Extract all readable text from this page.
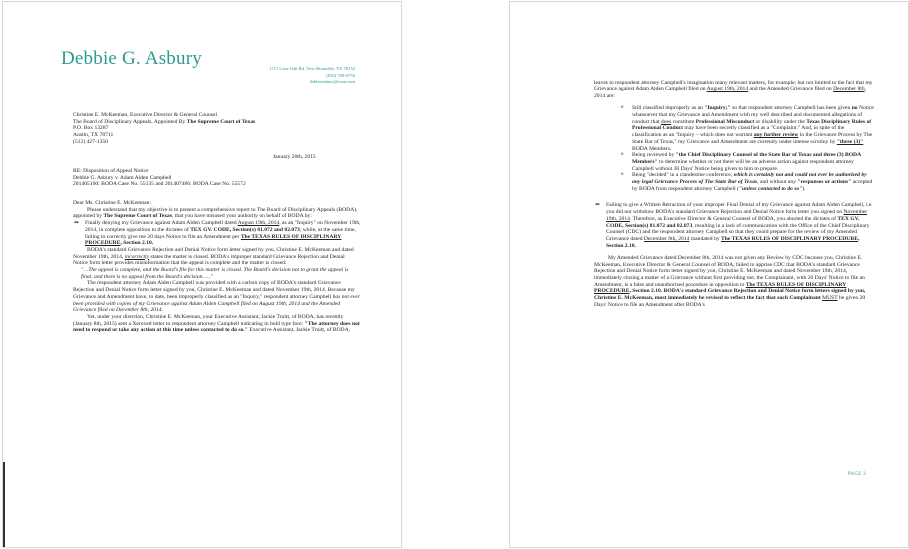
Debbie G. Asbury	1711 Lone Oak Rd. New Braunfels, TX 78132
(830) 708-0756
debbieasbury@msn.com
Christine E. McKeeman, Executive Director & General Counsel
The Board of Disciplinary Appeals, Appointed By The Supreme Court of Texas
P.O. Box 13287
Austin, TX 78711
(512) 427-1350
January 20th, 2015
RE: Disposition of Appeal Notice
Debbie G. Asbury v. Adam Alden Campbell
201405100; BODA Case No. 55135 and 201407486: BODA Case No. 55572

Dear Ms. Christine E. McKeeman:

Please understand that my objective is to present a comprehensive report to The Board of Disciplinary Appeals (BODA), appointed by The Supreme Court of Texas, that you have misused your authority on behalf of BODA by:

➦ Finally denying my Grievance against Adam Alden Campbell dated August 19th, 2014, as an "Inquiry" on November 19th, 2014, in complete opposition to the dictates of TEX GV. CODE, Section(s) 81.072 and 82.073; while, at the same time, failing to correctly give me 20 days Notice to file an Amendment per The TEXAS RULES OF DISCIPLINARY PROCEDURE, Section 2.10.

BODA's standard Grievance Rejection and Denial Notice form letter signed by you, Christine E. McKeeman and dated November 19th, 2014, incorrectly states the matter is closed. BODA's improper standard Grievance Rejection and Denial Notice form letter provides misinformation that the appeal is complete and the matter is closed:

"…The appeal is complete, and the Board's file for this matter is closed. The Board's decision not to grant the appeal is final, and there is no appeal from the Board's decision….."

The respondent attorney Adam Alden Campbell was provided with a carbon copy of BODA's standard Grievance Rejection and Denial Notice form letter signed by you, Christine E. McKeeman and dated November 19th, 2014. Because my Grievance and Amendment have, to date, been improperly classified as an "Inquiry," respondent attorney Campbell has not ever been provided with copies of my Grievance against Adam Alden Campbell filed on August 19th, 2014 and the Amended Grievance filed on December 8th, 2014.

Yet, under your direction, Christine E. McKeeman, your Executive Assistant, Jackie Truitt, of BODA, has recently (January 8th, 2015) sent a Xeroxed letter to respondent attorney Campbell indicating in bold type face: "The attorney does not need to respond or take any action at this time unless contacted to do so." Executive Assistant, Jackie Truitt, of BODA,

leaves to respondent attorney Campbell's imagination many relevant matters, for example; but not limited to the fact that my Grievance against Adam Alden Campbell filed on August 19th, 2014 and the Amended Grievance filed on December 8th, 2014 are:

o Still classified improperly as an "Inquiry;" so that respondent attorney Campbell has been given no Notice whatsoever that my Grievance and Amendment with my well described and documented allegations of conduct that does constitute Professional Misconduct or disability under the Texas Disciplinary Rules of Professional Conduct may have been secretly classified as a "Complaint." And, in spite of the classification as an "Inquiry – which does not warrant any further review in the Grievance Process by The State Bar of Texas," my Grievance and Amendment are currently under intense scrutiny by "three (3)" BODA Members.
o Being reviewed by "the Chief Disciplinary Counsel of the State Bar of Texas and three (3) BODA Members" to determine whether or not there will be an adverse action against respondent attorney Campbell without 30 Days' Notice being given to him to prepare.
o Being "decided" in a clandestine conference, which is certainly not and could not ever be authorized by any legal Grievance Process of The State Bar of Texas, and without any "responses or actions" accepted by BODA from respondent attorney Campbell ("unless contacted to do so").
➦ Failing to give a Written Retraction of your improper Final Denial of my Grievance against Adam Alden Campbell, i.e. you did not withdraw BODA's standard Grievance Rejection and Denial Notice form letter you signed on November 19th, 2014. Therefore, as Executive Director & General Counsel of BODA, you aborted the dictates of TEX GV. CODE, Section(s) 81.072 and 82.073, resulting in a lack of communication with the Office of the Chief Disciplinary Counsel (CDC) and the respondent attorney Campbell so that they could prepare for the review of my Amended Grievance dated December 8th, 2014 mandated by The TEXAS RULES OF DISCIPLINARY PROCEDURE, Section 2.10.

My Amended Grievance dated December 8th, 2014 was not given any Review by CDC because you, Christine E. McKeeman, Executive Director & General Counsel of BODA, failed to apprise CDC that BODA's standard Grievance Rejection and Denial Notice form letter signed by you, Christine E. McKeeman and dated November 19th, 2014, immediately closing a matter of a Grievance without first providing me, the Complainant, with 20 Days' Notice to file an Amendment, is a false and unauthorized procedure in opposition to The TEXAS RULES OF DISCIPLINARY PROCEDURE, Section 2.10. BODA's standard Grievance Rejection and Denial Notice form letters signed by you, Christine E. McKeeman, must immediately be revised to reflect the fact that each Complainant MUST be given 20 Days' Notice to file an Amendment after BODA's

PAGE 2
